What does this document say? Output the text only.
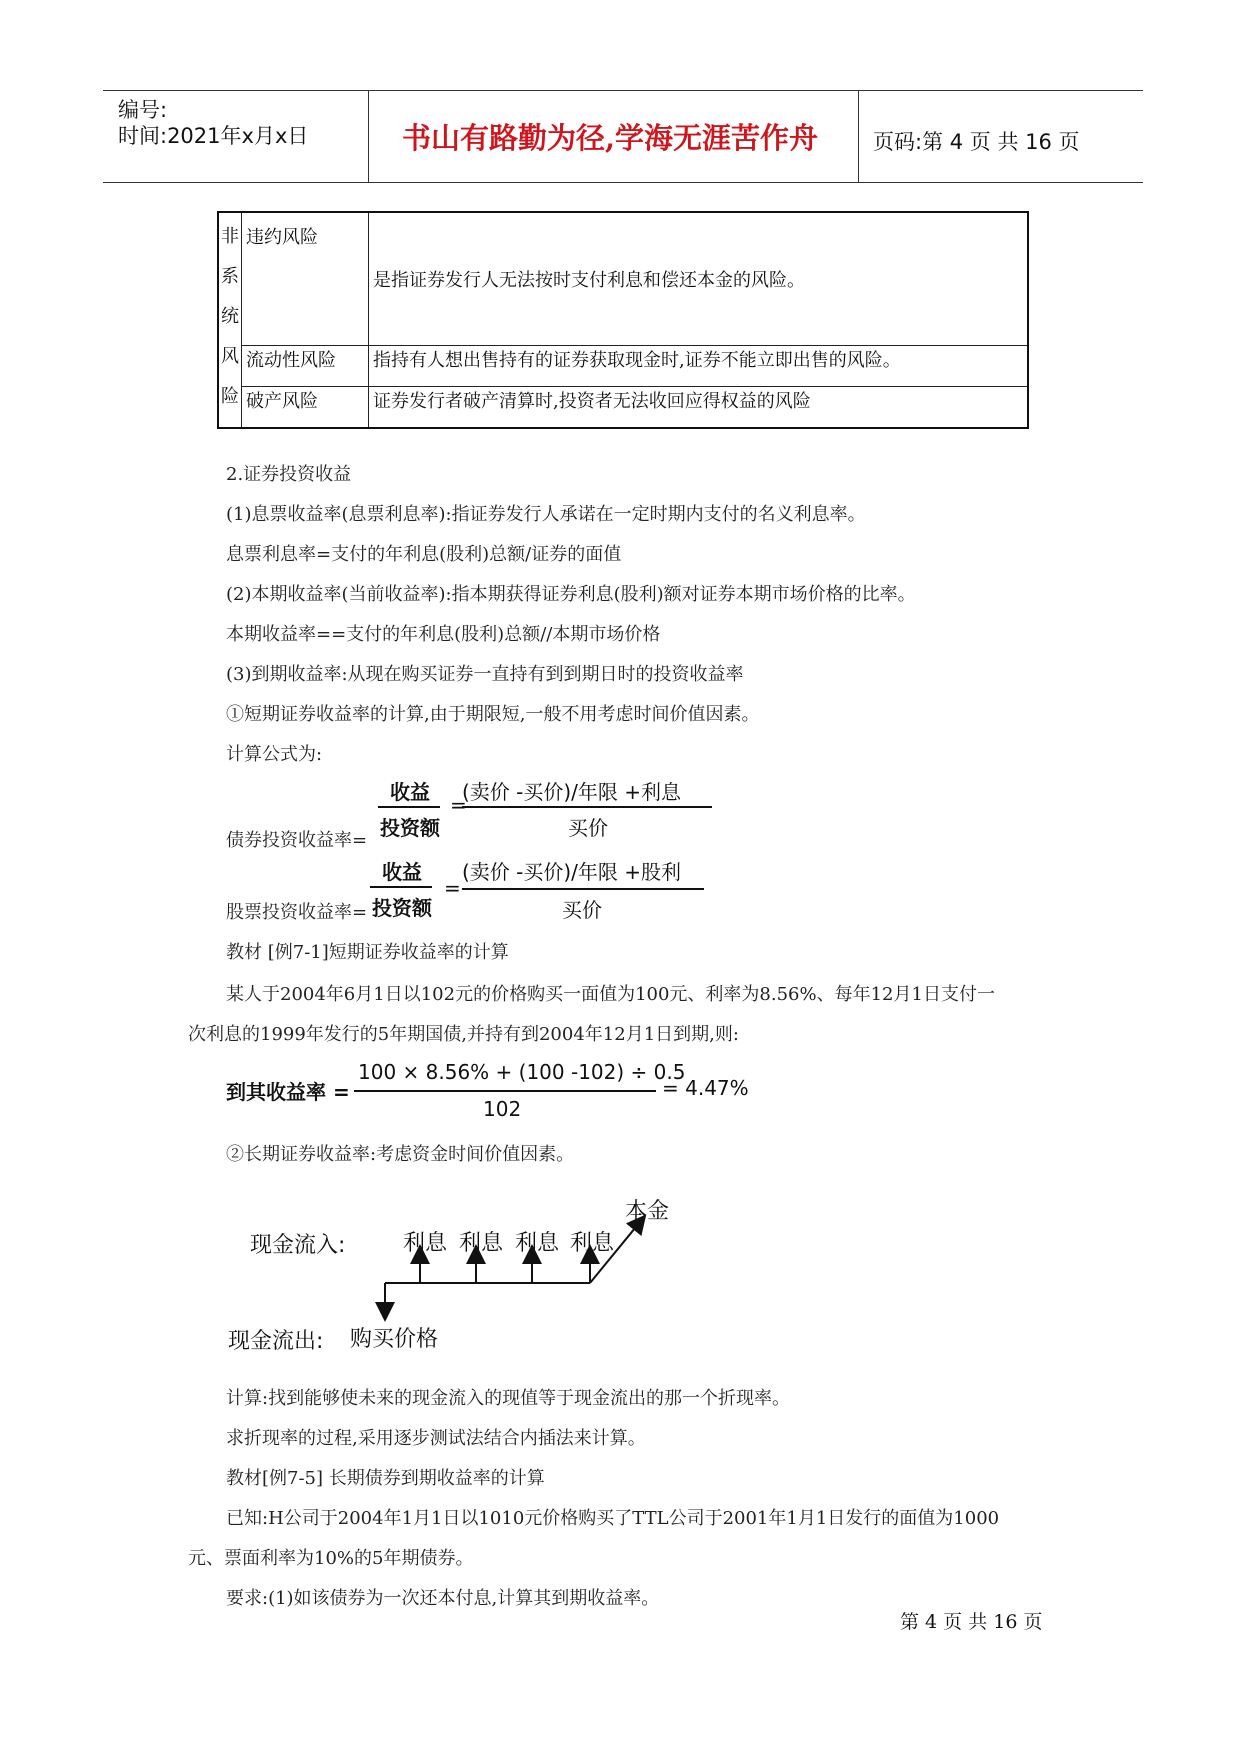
编号:
时间:2021年x月x日	书山有路勤为径,学海无涯苦作舟	页码:第 4 页 共 16 页
非
系
统
风
险	违约风险	是指证券发行人无法按时支付利息和偿还本金的风险。
	流动性风险	指持有人想出售持有的证券获取现金时,证券不能立即出售的风险。
	破产风险	证券发行者破产清算时,投资者无法收回应得权益的风险
2.证券投资收益
(1)息票收益率(息票利息率):指证券发行人承诺在一定时期内支付的名义利息率。
息票利息率=支付的年利息(股利)总额/证券的面值
(2)本期收益率(当前收益率):指本期获得证券利息(股利)额对证券本期市场价格的比率。
本期收益率==支付的年利息(股利)总额//本期市场价格
(3)到期收益率:从现在购买证券一直持有到到期日时的投资收益率
①短期证券收益率的计算,由于期限短,一般不用考虑时间价值因素。
计算公式为:
债券投资收益率=
收益
投资额
=
(卖价 -买价)/年限 +利息
买价
股票投资收益率=
收益
投资额
=
(卖价 -买价)/年限 +股利
买价
教材 [例7-1]短期证券收益率的计算
某人于2004年6月1日以102元的价格购买一面值为100元、利率为8.56%、每年12月1日支付一
次利息的1999年发行的5年期国债,并持有到2004年12月1日到期,则:
到其收益率 =
100 × 8.56% + (100 -102) ÷ 0.5
102
= 4.47%
②长期证券收益率:考虑资金时间价值因素。
现金流入:	利息 利息 利息 利息
本金
现金流出: 购买价格
计算:找到能够使未来的现金流入的现值等于现金流出的那一个折现率。
求折现率的过程,采用逐步测试法结合内插法来计算。
教材[例7-5] 长期债券到期收益率的计算
已知:H公司于2004年1月1日以1010元价格购买了TTL公司于2001年1月1日发行的面值为1000
元、票面利率为10%的5年期债券。
要求:(1)如该债券为一次还本付息,计算其到期收益率。
第 4 页 共 16 页
